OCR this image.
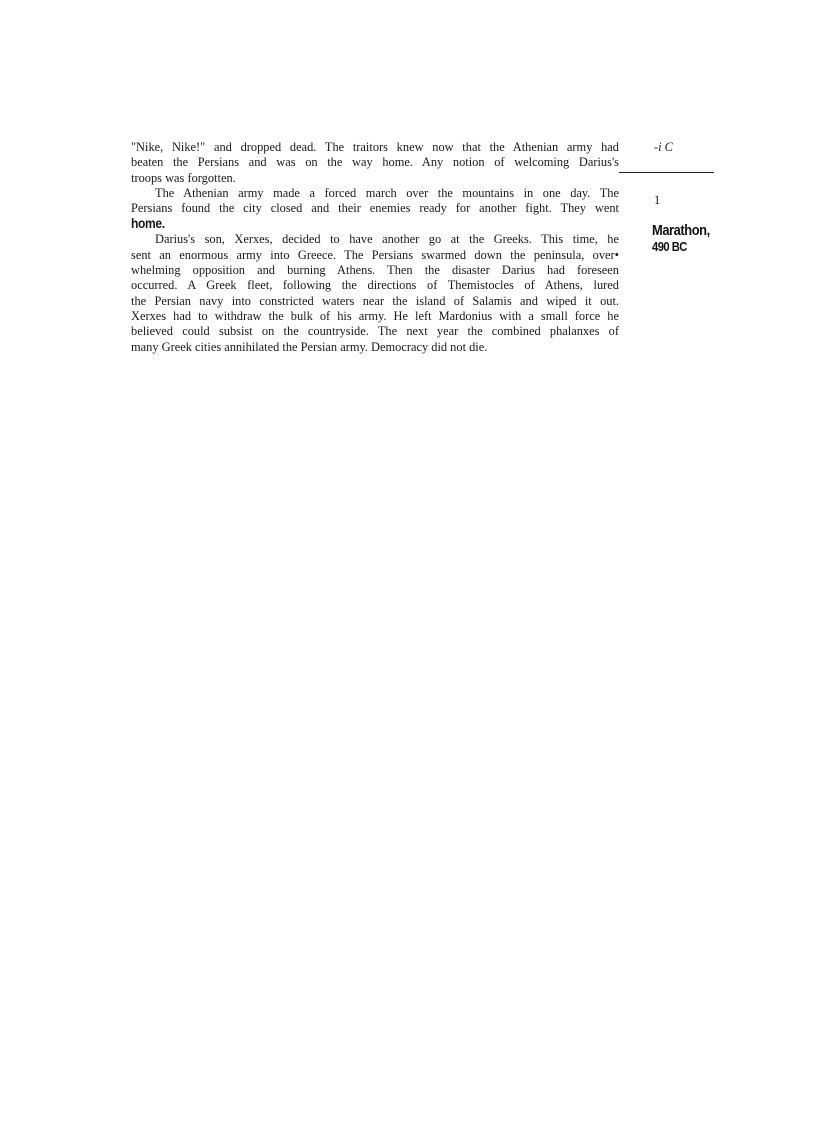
"Nike, Nike!" and dropped dead. The traitors knew now that the Athenian army had
beaten the Persians and was on the way home. Any notion of welcoming Darius's
troops was forgotten.

The Athenian army made a forced march over the mountains in one day. The
Persians found the city closed and their enemies ready for another fight. They went
home.

Darius's son, Xerxes, decided to have another go at the Greeks. This time, he
sent an enormous army into Greece. The Persians swarmed down the peninsula, over•
whelming opposition and burning Athens. Then the disaster Darius had foreseen
occurred. A Greek fleet, following the directions of Themistocles of Athens, lured
the Persian navy into constricted waters near the island of Salamis and wiped it out.
Xerxes had to withdraw the bulk of his army. He left Mardonius with a small force he
believed could subsist on the countryside. The next year the combined phalanxes of
many Greek cities annihilated the Persian army. Democracy did not die.

-i C
1
Marathon,
490 BC
